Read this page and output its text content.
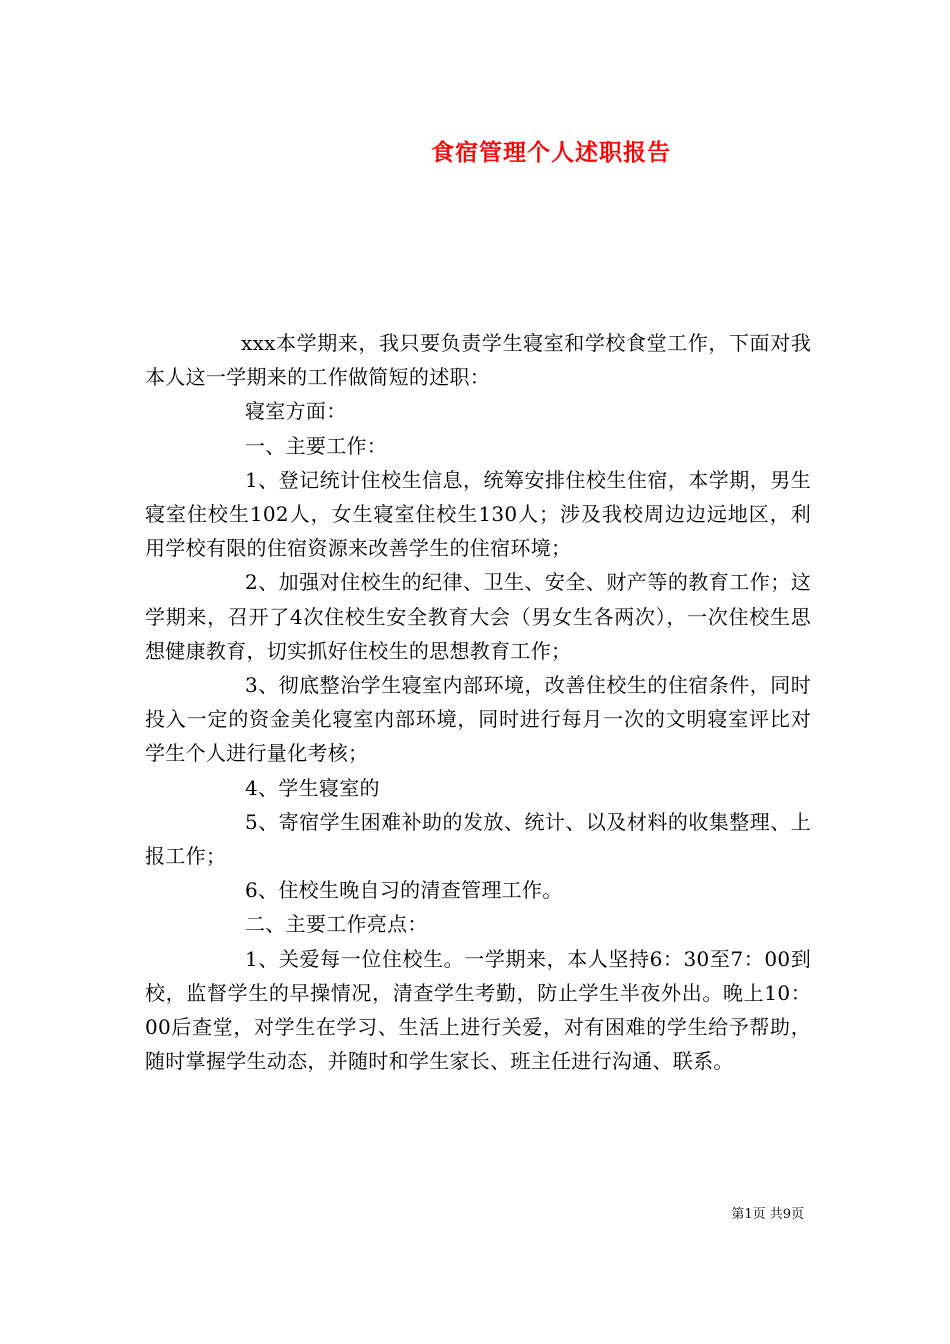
食宿管理个人述职报告

xxx本学期来，我只要负责学生寝室和学校食堂工作，下面对我本人这一学期来的工作做简短的述职：

寝室方面：

一、主要工作：

1、登记统计住校生信息，统筹安排住校生住宿，本学期，男生寝室住校生102人，女生寝室住校生130人；涉及我校周边边远地区，利用学校有限的住宿资源来改善学生的住宿环境；

2、加强对住校生的纪律、卫生、安全、财产等的教育工作；这学期来，召开了4次住校生安全教育大会（男女生各两次），一次住校生思想健康教育，切实抓好住校生的思想教育工作；

3、彻底整治学生寝室内部环境，改善住校生的住宿条件，同时投入一定的资金美化寝室内部环境，同时进行每月一次的文明寝室评比对学生个人进行量化考核；

4、学生寝室的

5、寄宿学生困难补助的发放、统计、以及材料的收集整理、上报工作；

6、住校生晚自习的清查管理工作。

二、主要工作亮点：

1、关爱每一位住校生。一学期来，本人坚持6：30至7：00到校，监督学生的早操情况，清查学生考勤，防止学生半夜外出。晚上10：00后查堂，对学生在学习、生活上进行关爱，对有困难的学生给予帮助，随时掌握学生动态，并随时和学生家长、班主任进行沟通、联系。

第1页 共9页
